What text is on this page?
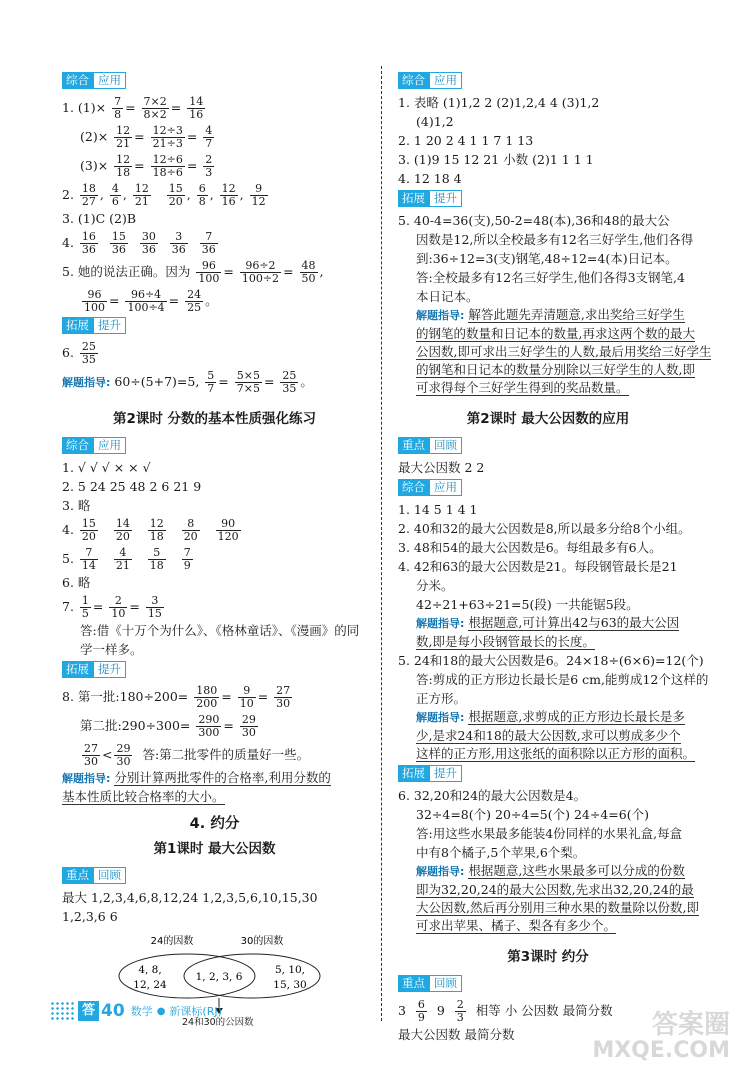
综合 应用
1. $(1)\times \frac{7}{8} = \frac{7\times 2}{8\times 2} = \frac{14}{16}$
$(2)\times \frac{12}{21} = \frac{12\div 3}{21\div 3} = \frac{4}{7}$
$(3)\times \frac{12}{18} = \frac{12\div 6}{18\div 6} = \frac{2}{3}$
2. $\frac{18}{27}$ , $\frac{4}{6}$ , $\frac{12}{21}$
$\frac{15}{20}$ , $\frac{6}{8}$ , $\frac{12}{16}$ , $\frac{9}{12}$
3. (1)C (2)B
4. $\frac{16}{36}$
$\frac{15}{36}$
$\frac{30}{36}$
$\frac{3}{36}$
$\frac{7}{36}$
5. 她的说法正确。因为 $\frac{96}{100} = \frac{96\div 2}{100\div 2} = \frac{48}{50}$ ,
$\frac{96}{100} = \frac{96\div 4}{100\div 4} = \frac{24}{25}$ 。
拓展 提升
6. $\frac{25}{35}$
解题指导: 60÷(5+7)=5, $\frac{5}{7} = \frac{5\times 5}{7\times 5} = \frac{25}{35}$ 。
第2课时 分数的基本性质强化练习
综合 应用
1. √ √ √ × × √
2. 5 24 25 48 2 6 21 9
3. 略
4. $\frac{15}{20}$
$\frac{14}{20}$
$\frac{12}{18}$
$\frac{8}{20}$
$\frac{90}{120}$
5. $\frac{7}{14}$
$\frac{4}{21}$
$\frac{5}{18}$
$\frac{7}{9}$
6. 略
7. $\frac{1}{5} = \frac{2}{10} = \frac{3}{15}$
答:借《十万个为什么》、《格林童话》、《漫画》的同学一样多。
拓展 提升
8. 第一批:180÷200= $\frac{180}{200} = \frac{9}{10} = \frac{27}{30}$
第二批:290÷300= $\frac{290}{300} = \frac{29}{30}$
$\frac{27}{30} < \frac{29}{30}$ 答:第二批零件的质量好一些。
解题指导: 分别计算两批零件的合格率,利用分数的
基本性质比较合格率的大小。
4. 约分
第1课时 最大公因数
重点 回顾
最大 1,2,3,4,6,8,12,24 1,2,3,5,6,10,15,30
1,2,3,6 6
24的因数	30的因数
4, 8,
12, 24
1, 2, 3, 6
5, 10,
15, 30
24和30的公因数
综合 应用
1. 表略 (1)1,2 2 (2)1,2,4 4 (3)1,2
(4)1,2
2. 1 20 2 4 1 1 7 1 13
3. (1)9 15 12 21 小数 (2)1 1 1 1
4. 12 18 4
拓展 提升
5. 40-4=36(支),50-2=48(本),36和48的最大公
因数是12,所以全校最多有12名三好学生,他们各得
到:36÷12=3(支)钢笔,48÷12=4(本)日记本。
答:全校最多有12名三好学生,他们各得3支钢笔,4
本日记本。
解题指导: 解答此题先弄清题意,求出奖给三好学生
的钢笔的数量和日记本的数量,再求这两个数的最大
公因数,即可求出三好学生的人数,最后用奖给三好学生
的钢笔和日记本的数量分别除以三好学生的人数,即
可求得每个三好学生得到的奖品数量。
第2课时 最大公因数的应用
重点 回顾
最大公因数 2 2
综合 应用
1. 14 5 1 4 1
2. 40和32的最大公因数是8,所以最多分给8个小组。
3. 48和54的最大公因数是6。每组最多有6人。
4. 42和63的最大公因数是21。每段钢管最长是21
分米。
42÷21+63÷21=5(段) 一共能锯5段。
解题指导: 根据题意,可计算出42与63的最大公因
数,即是每小段钢管最长的长度。
5. 24和18的最大公因数是6。24×18÷(6×6)=12(个)
答:剪成的正方形边长最长是6 cm,能剪成12个这样的
正方形。
解题指导: 根据题意,求剪成的正方形边长最长是多
少,是求24和18的最大公因数,求可以剪成多少个
这样的正方形,用这张纸的面积除以正方形的面积。
拓展 提升
6. 32,20和24的最大公因数是4。
32÷4=8(个) 20÷4=5(个) 24÷4=6(个)
答:用这些水果最多能装4份同样的水果礼盒,每盒
中有8个橘子,5个苹果,6个梨。
解题指导: 根据题意,这些水果最多可以分成的份数
即为32,20,24的最大公因数,先求出32,20,24的最
大公因数,然后再分别用三种水果的数量除以份数,即
可求出苹果、橘子、梨各有多少个。
第3课时 约分
重点 回顾
$3 \frac{6}{9} 9 \frac{2}{3}$ 相等 小 公因数 最简分数
最大公因数 最简分数
答 40 数学 ● 新课标(RJ)	答案圈
MXQE.COM
